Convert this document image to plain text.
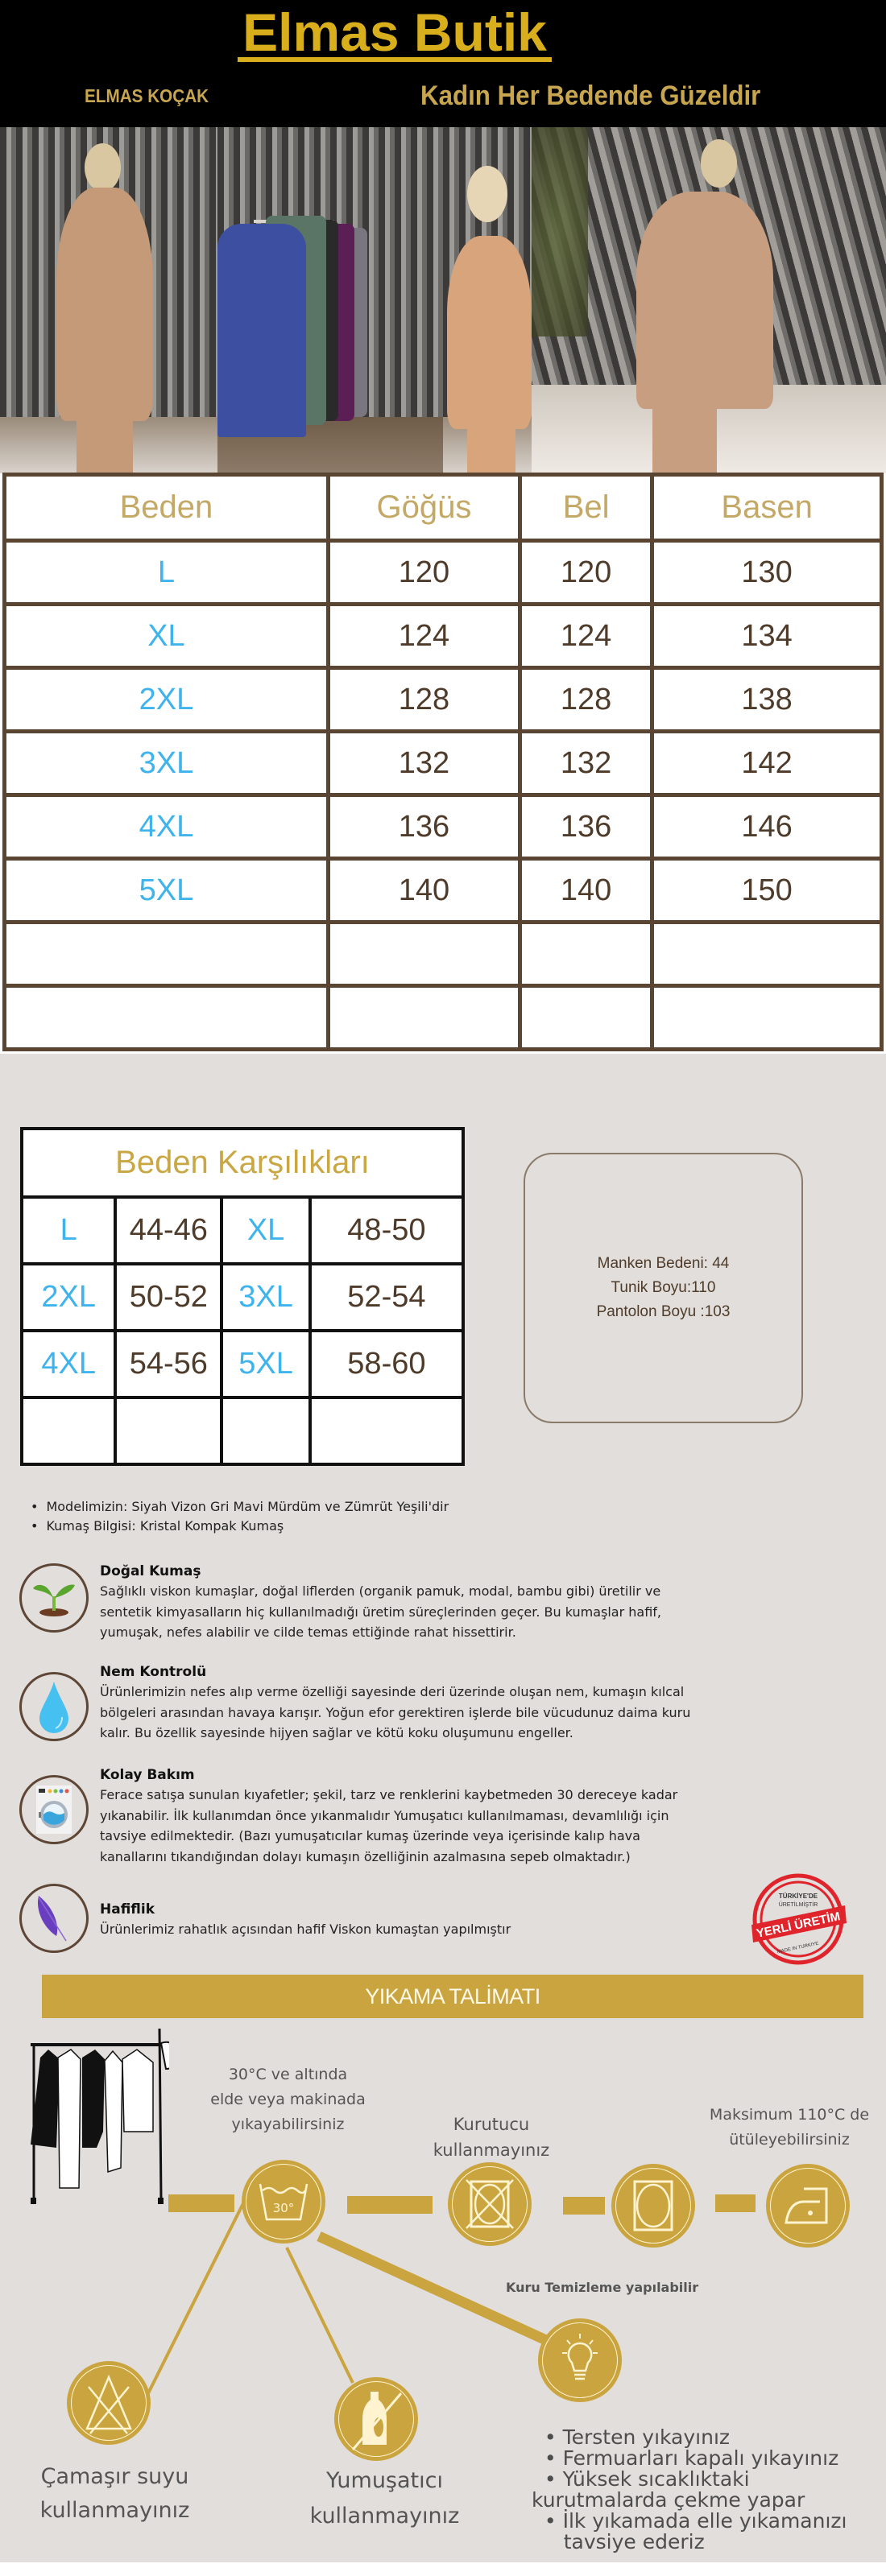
Elmas Butik
ELMAS KOÇAK	Kadın Her Bedende Güzeldir
Beden	Göğüs	Bel	Basen
L	120	120	130
XL	124	124	134
2XL	128	128	138
3XL	132	132	142
4XL	136	136	146
5XL	140	140	150

Beden Karşılıkları			
L	44-46	XL	48-50
2XL	50-52	3XL	52-54
4XL	54-56	5XL	58-60

Manken Bedeni: 44
Tunik Boyu:110
Pantolon Boyu :103
• Modelimizin: Siyah Vizon Gri Mavi Mürdüm ve Zümrüt Yeşili'dir
• Kumaş Bilgisi: Kristal Kompak Kumaş
Doğal Kumaş
Sağlıklı viskon kumaşlar, doğal liflerden (organik pamuk, modal, bambu gibi) üretilir ve
sentetik kimyasalların hiç kullanılmadığı üretim süreçlerinden geçer. Bu kumaşlar hafif,
yumuşak, nefes alabilir ve cilde temas ettiğinde rahat hissettirir.
Nem Kontrolü
Ürünlerimizin nefes alıp verme özelliği sayesinde deri üzerinde oluşan nem, kumaşın kılcal
bölgeleri arasından havaya karışır. Yoğun efor gerektiren işlerde bile vücudunuz daima kuru
kalır. Bu özellik sayesinde hijyen sağlar ve kötü koku oluşumunu engeller.
Kolay Bakım
Ferace satışa sunulan kıyafetler; şekil, tarz ve renklerini kaybetmeden 30 dereceye kadar
yıkanabilir. İlk kullanımdan önce yıkanmalıdır Yumuşatıcı kullanılmaması, devamlılığı için
tavsiye edilmektedir. (Bazı yumuşatıcılar kumaş üzerinde veya içerisinde kalıp hava
kanallarını tıkandığından dolayı kumaşın özelliğinin azalmasına sepeb olmaktadır.)
Hafiflik
Ürünlerimiz rahatlık açısından hafif Viskon kumaştan yapılmıştır
TÜRKİYE'DE
ÜRETİLMİŞTİR
YERLİ ÜRETİM
MADE IN TURKIYE
YIKAMA TALİMATI
30°C ve altında
elde veya makinada
yıkayabilirsiniz	Kurutucu
kullanmayınız
Maksimum 110°C de
ütüleyebilirsiniz
30°
Kuru Temizleme yapılabilir
Çamaşır suyu
kullanmayınız
Yumuşatıcı
kullanmayınız
• Tersten yıkayınız
• Fermuarları kapalı yıkayınız
• Yüksek sıcaklıktaki
kurutmalarda çekme yapar
• İlk yıkamada elle yıkamanızı
tavsiye ederiz
